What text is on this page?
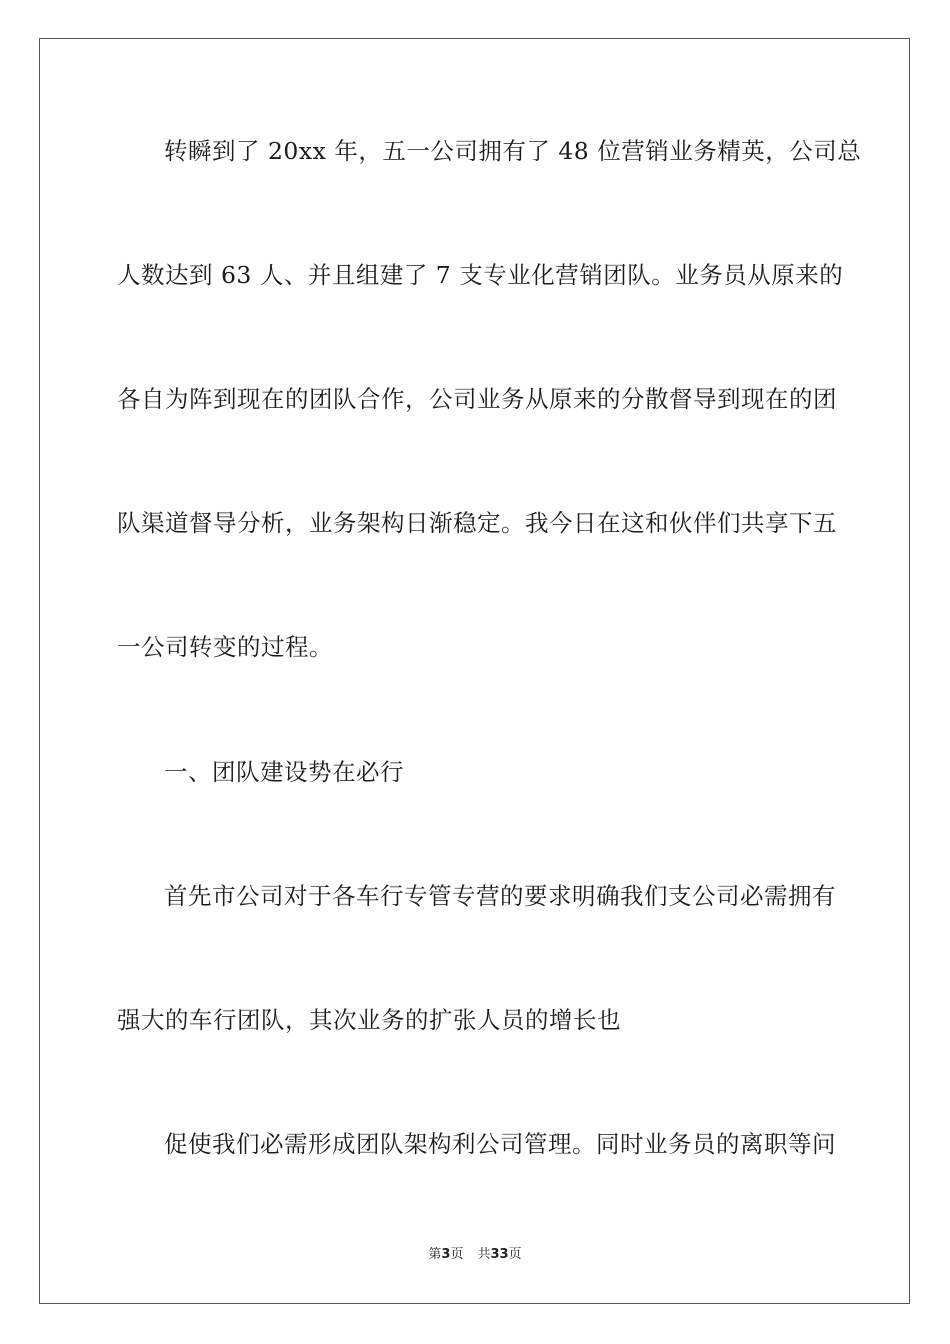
转瞬到了 20xx 年，五一公司拥有了 48 位营销业务精英，公司总
人数达到 63 人、并且组建了 7 支专业化营销团队。业务员从原来的
各自为阵到现在的团队合作，公司业务从原来的分散督导到现在的团
队渠道督导分析，业务架构日渐稳定。我今日在这和伙伴们共享下五
一公司转变的过程。
一、团队建设势在必行
首先市公司对于各车行专管专营的要求明确我们支公司必需拥有
强大的车行团队，其次业务的扩张人员的增长也
促使我们必需形成团队架构利公司管理。同时业务员的离职等问
第3页 共33页
